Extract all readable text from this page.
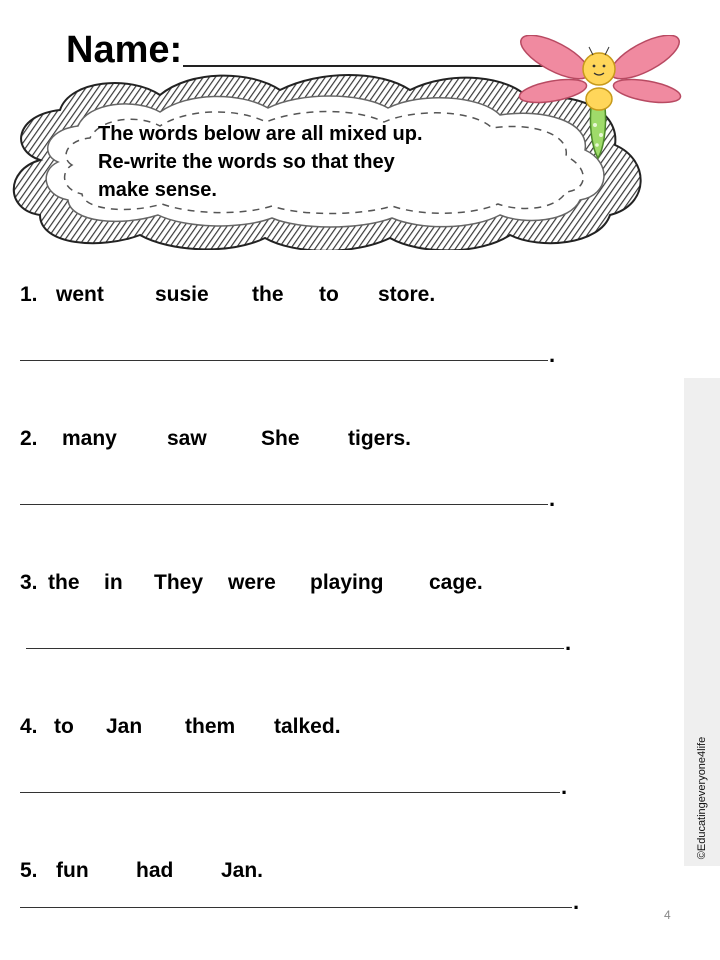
Name:
The words below are all mixed up.
Re-write the words so that they
make sense.
1. went susie the to store.
.
2. many saw	She tigers.
.
3. the in They were playing cage.
.
4. to Jan them talked.
.
5. fun had Jan.
.
©Educatingeveryone4life
4
